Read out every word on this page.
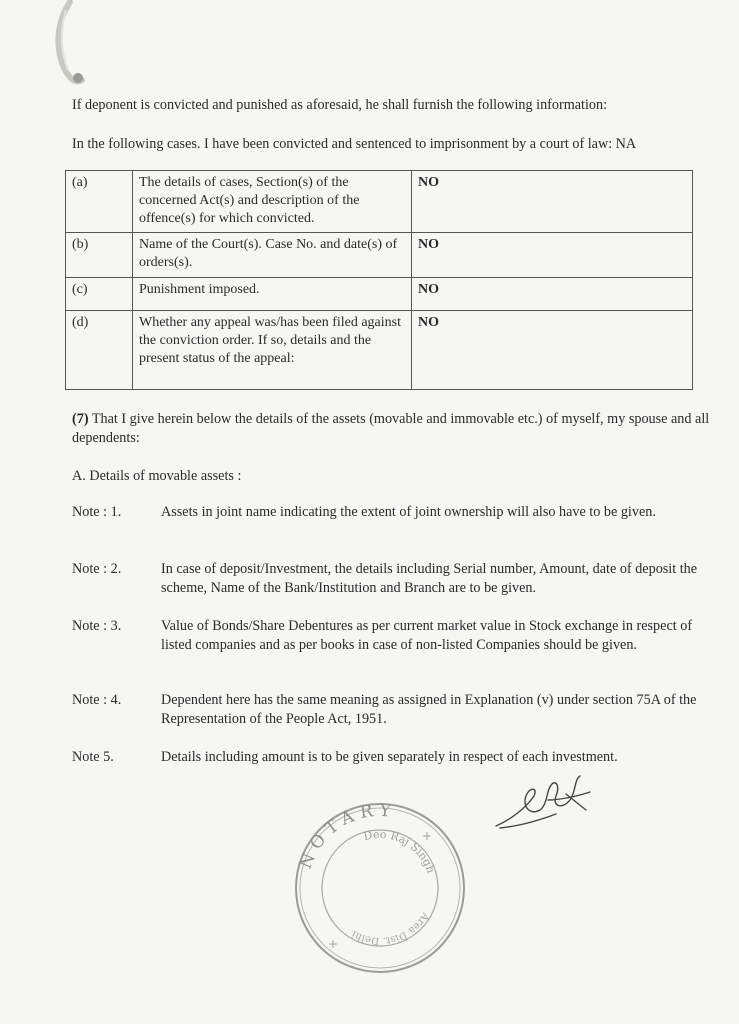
If deponent is convicted and punished as aforesaid, he shall furnish the following information:
In the following cases. I have been convicted and sentenced to imprisonment by a court of law: NA
(a)	The details of cases, Section(s) of the concerned Act(s) and description of the offence(s) for which convicted.	NO
(b)	Name of the Court(s). Case No. and date(s) of orders(s).	NO
(c)	Punishment imposed.	NO
(d)	Whether any appeal was/has been filed against the conviction order. If so, details and the present status of the appeal:	NO
(7) That I give herein below the details of the assets (movable and immovable etc.) of myself, my spouse and all dependents:
A. Details of movable assets :
Note : 1.	Assets in joint name indicating the extent of joint ownership will also have to be given.
Note : 2.	In case of deposit/Investment, the details including Serial number, Amount, date of deposit the scheme, Name of the Bank/Institution and Branch are to be given.
Note : 3.	Value of Bonds/Share Debentures as per current market value in Stock exchange in respect of listed companies and as per books in case of non-listed Companies should be given.
Note : 4.	Dependent here has the same meaning as assigned in Explanation (v) under section 75A of the Representation of the People Act, 1951.
Note 5.	Details including amount is to be given separately in respect of each investment.
NOTARY
Deo Raj Singh
Area Dist. Delhi
+
+
